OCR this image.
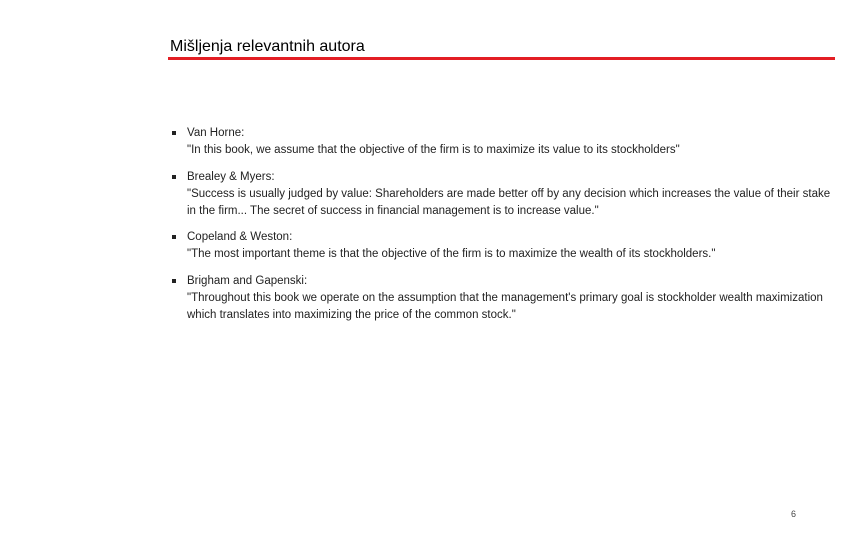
Mišljenja relevantnih autora
Van Horne:
"In this book, we assume that the objective of the firm is to maximize its value to its stockholders"
Brealey & Myers:
"Success is usually judged by value: Shareholders are made better off by any decision which increases the value of their stake in the firm... The secret of success in financial management is to increase value."
Copeland & Weston:
"The most important theme is that the objective of the firm is to maximize the wealth of its stockholders."
Brigham and Gapenski:
"Throughout this book we operate on the assumption that the management's primary goal is stockholder wealth maximization which translates into maximizing the price of the common stock."
6
